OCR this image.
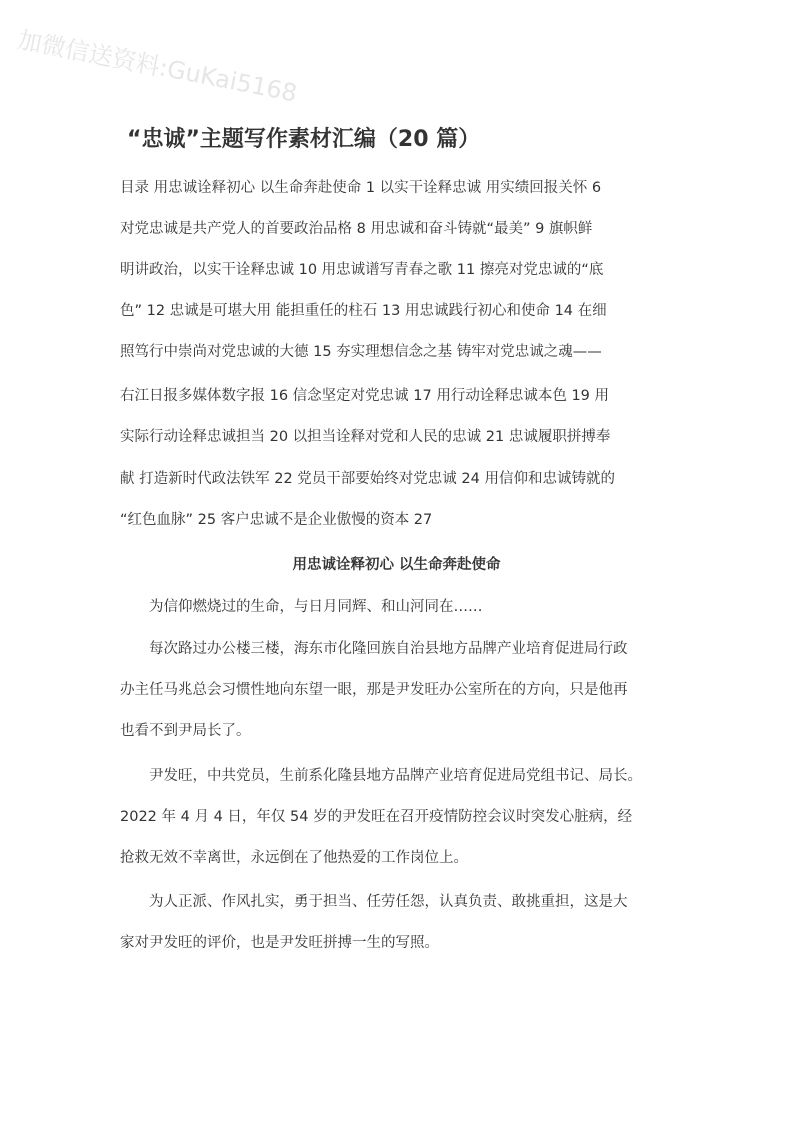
加微信送资料:GuKai5168
“忠诚”主题写作素材汇编（20 篇）
目录 用忠诚诠释初心 以生命奔赴使命 1 以实干诠释忠诚 用实绩回报关怀 6
对党忠诚是共产党人的首要政治品格 8 用忠诚和奋斗铸就“最美” 9 旗帜鲜
明讲政治，以实干诠释忠诚 10 用忠诚谱写青春之歌 11 擦亮对党忠诚的“底
色” 12 忠诚是可堪大用 能担重任的柱石 13 用忠诚践行初心和使命 14 在细
照笃行中崇尚对党忠诚的大德 15 夯实理想信念之基 铸牢对党忠诚之魂——
右江日报多媒体数字报 16 信念坚定对党忠诚 17 用行动诠释忠诚本色 19 用
实际行动诠释忠诚担当 20 以担当诠释对党和人民的忠诚 21 忠诚履职拼搏奉
献 打造新时代政法铁军 22 党员干部要始终对党忠诚 24 用信仰和忠诚铸就的
“红色血脉” 25 客户忠诚不是企业傲慢的资本 27
用忠诚诠释初心 以生命奔赴使命
　　为信仰燃烧过的生命，与日月同辉、和山河同在……
　　每次路过办公楼三楼，海东市化隆回族自治县地方品牌产业培育促进局行政
办主任马兆总会习惯性地向东望一眼，那是尹发旺办公室所在的方向，只是他再
也看不到尹局长了。
　　尹发旺，中共党员，生前系化隆县地方品牌产业培育促进局党组书记、局长。
2022 年 4 月 4 日，年仅 54 岁的尹发旺在召开疫情防控会议时突发心脏病，经
抢救无效不幸离世，永远倒在了他热爱的工作岗位上。
　　为人正派、作风扎实，勇于担当、任劳任怨，认真负责、敢挑重担，这是大
家对尹发旺的评价，也是尹发旺拼搏一生的写照。
